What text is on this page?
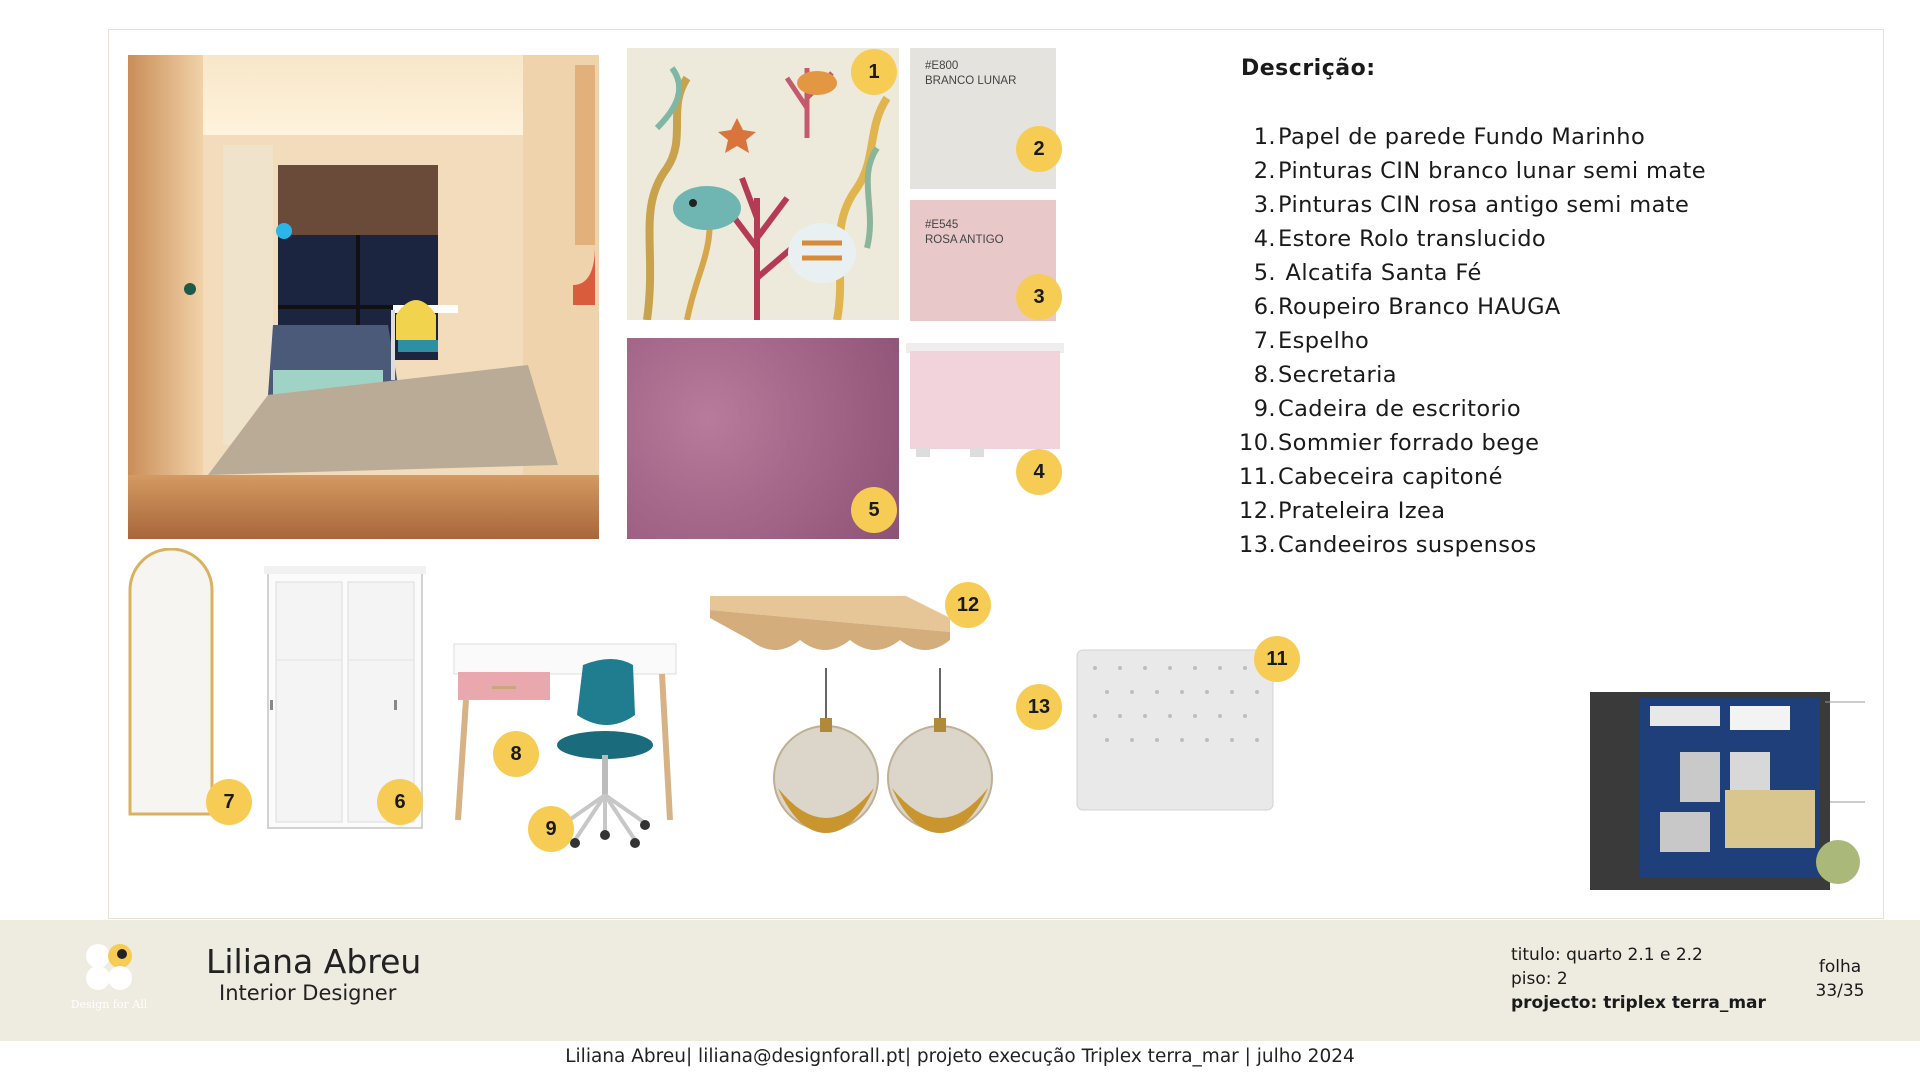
#E800
BRANCO LUNAR
#E545
ROSA ANTIGO
1
2
3
4
5
7	6
8
9
12
13
11
Descrição:
1. Papel de parede Fundo Marinho
2. Pinturas CIN branco lunar semi mate
3. Pinturas CIN rosa antigo semi mate
4. Estore Rolo translucido
5. Alcatifa Santa Fé
6. Roupeiro Branco HAUGA
7. Espelho
8. Secretaria
9. Cadeira de escritorio
10. Sommier forrado bege
11. Cabeceira capitoné
12. Prateleira Izea
13. Candeeiros suspensos
Design for All
Liliana Abreu
Interior Designer
titulo: quarto 2.1 e 2.2
piso: 2
projecto: triplex terra_mar
folha
33/35
Liliana Abreu| liliana@designforall.pt| projeto execução Triplex terra_mar | julho 2024
